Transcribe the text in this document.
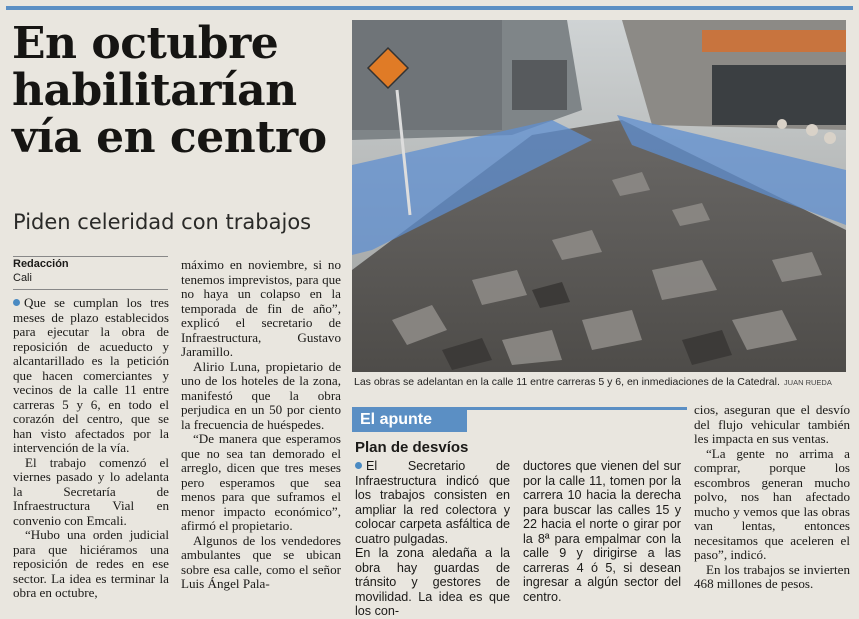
En octubre habilitarían vía en centro
Piden celeridad con trabajos
Redacción
Cali

Que se cumplan los tres meses de plazo establecidos para ejecutar la obra de reposición de acueducto y alcantarillado es la petición que hacen comerciantes y vecinos de la calle 11 entre carreras 5 y 6, en todo el corazón del centro, que se han visto afectados por la intervención de la vía.

El trabajo comenzó el viernes pasado y lo adelanta la Secretaría de Infraestructura Vial en convenio con Emcali.

“Hubo una orden judicial para que hiciéramos una reposición de redes en ese sector. La idea es terminar la obra en octubre,

máximo en noviembre, si no tenemos imprevistos, para que no haya un colapso en la temporada de fin de año”, explicó el secretario de Infraestructura, Gustavo Jaramillo.

Alirio Luna, propietario de uno de los hoteles de la zona, manifestó que la obra perjudica en un 50 por ciento la frecuencia de huéspedes.

“De manera que esperamos que no sea tan demorado el arreglo, dicen que tres meses pero esperamos que sea menos para que suframos el menor impacto económico”, afirmó el propietario.

Algunos de los vendedores ambulantes que se ubican sobre esa calle, como el señor Luis Ángel Pala-

Las obras se adelantan en la calle 11 entre carreras 5 y 6, en inmediaciones de la Catedral. JUAN RUEDA
El apunte
Plan de desvíos

El Secretario de Infraestructura indicó que los trabajos consisten en ampliar la red colectora y colocar carpeta asfáltica de cuatro pulgadas.

En la zona aledaña a la obra hay guardas de tránsito y gestores de movilidad. La idea es que los con-

ductores que vienen del sur por la calle 11, tomen por la carrera 10 hacia la derecha para buscar las calles 15 y 22 hacia el norte o girar por la 8ª para empalmar con la calle 9 y dirigirse a las carreras 4 ó 5, si desean ingresar a algún sector del centro.

cios, aseguran que el desvío del flujo vehicular también les impacta en sus ventas.

“La gente no arrima a comprar, porque los escombros generan mucho polvo, nos han afectado mucho y vemos que las obras van lentas, entonces necesitamos que aceleren el paso”, indicó.

En los trabajos se invierten 468 millones de pesos.
